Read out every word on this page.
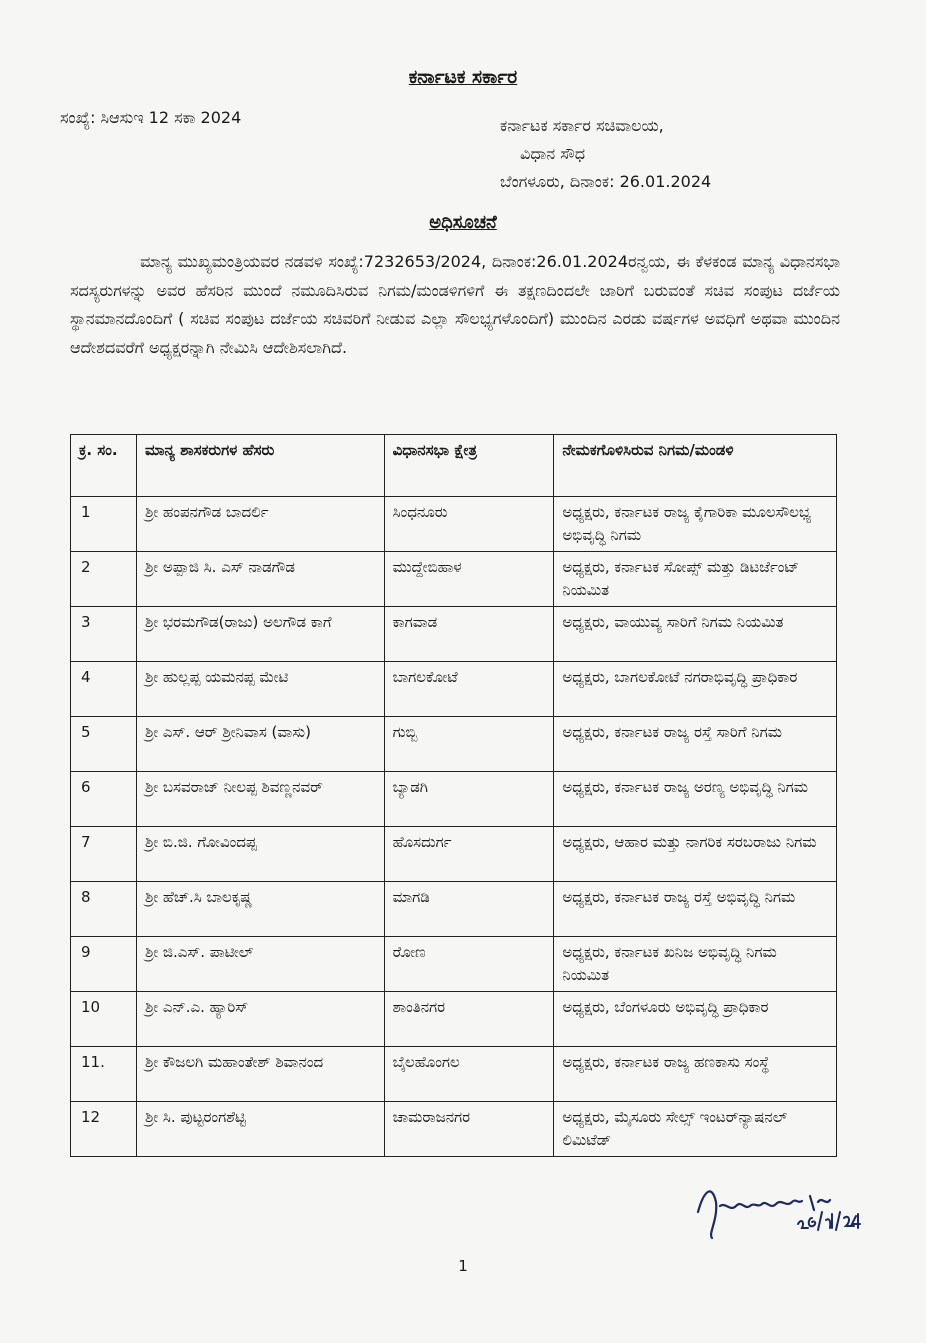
ಕರ್ನಾಟಕ ಸರ್ಕಾರ
ಸಂಖ್ಯೆ: ಸಿಆಸುಇ 12 ಸಕಾ 2024	ಕರ್ನಾಟಕ ಸರ್ಕಾರ ಸಚಿವಾಲಯ,
ವಿಧಾನ ಸೌಧ
ಬೆಂಗಳೂರು, ದಿನಾಂಕ: 26.01.2024
ಅಧಿಸೂಚನೆ
ಮಾನ್ಯ ಮುಖ್ಯಮಂತ್ರಿಯವರ ನಡವಳಿ ಸಂಖ್ಯೆ:7232653/2024, ದಿನಾಂಕ:26.01.2024ರನ್ವಯ, ಈ ಕೆಳಕಂಡ ಮಾನ್ಯ ವಿಧಾನಸಭಾ ಸದಸ್ಯರುಗಳನ್ನು ಅವರ ಹೆಸರಿನ ಮುಂದೆ ನಮೂದಿಸಿರುವ ನಿಗಮ/ಮಂಡಳಿಗಳಿಗೆ ಈ ತಕ್ಷಣದಿಂದಲೇ ಜಾರಿಗೆ ಬರುವಂತೆ ಸಚಿವ ಸಂಪುಟ ದರ್ಜೆಯ ಸ್ಥಾನಮಾನದೊಂದಿಗೆ ( ಸಚಿವ ಸಂಪುಟ ದರ್ಜೆಯ ಸಚಿವರಿಗೆ ನೀಡುವ ಎಲ್ಲಾ ಸೌಲಭ್ಯಗಳೊಂದಿಗೆ) ಮುಂದಿನ ಎರಡು ವರ್ಷಗಳ ಅವಧಿಗೆ ಅಥವಾ ಮುಂದಿನ ಆದೇಶದವರೆಗೆ ಅಧ್ಯಕ್ಷರನ್ನಾಗಿ ನೇಮಿಸಿ ಆದೇಶಿಸಲಾಗಿದೆ.
ಕ್ರ. ಸಂ.	ಮಾನ್ಯ ಶಾಸಕರುಗಳ ಹೆಸರು	ವಿಧಾನಸಭಾ ಕ್ಷೇತ್ರ	ನೇಮಕಗೊಳಿಸಿರುವ ನಿಗಮ/ಮಂಡಳಿ
1	ಶ್ರೀ ಹಂಪನಗೌಡ ಬಾದರ್ಲಿ	ಸಿಂಧನೂರು	ಅಧ್ಯಕ್ಷರು, ಕರ್ನಾಟಕ ರಾಜ್ಯ ಕೈಗಾರಿಕಾ ಮೂಲಸೌಲಭ್ಯ ಅಭಿವೃದ್ಧಿ ನಿಗಮ
2	ಶ್ರೀ ಅಪ್ಪಾಜಿ ಸಿ. ಎಸ್ ನಾಡಗೌಡ	ಮುದ್ದೇಬಿಹಾಳ	ಅಧ್ಯಕ್ಷರು, ಕರ್ನಾಟಕ ಸೋಪ್ಸ್ ಮತ್ತು ಡಿಟರ್ಜೆಂಟ್ ನಿಯಮಿತ
3	ಶ್ರೀ ಭರಮಗೌಡ(ರಾಜು) ಅಲಗೌಡ ಕಾಗೆ	ಕಾಗವಾಡ	ಅಧ್ಯಕ್ಷರು, ವಾಯುವ್ಯ ಸಾರಿಗೆ ನಿಗಮ ನಿಯಮಿತ
4	ಶ್ರೀ ಹುಲ್ಲಪ್ಪ ಯಮನಪ್ಪ ಮೇಟಿ	ಬಾಗಲಕೋಟೆ	ಅಧ್ಯಕ್ಷರು, ಬಾಗಲಕೋಟೆ ನಗರಾಭಿವೃದ್ಧಿ ಪ್ರಾಧಿಕಾರ
5	ಶ್ರೀ ಎಸ್. ಆರ್ ಶ್ರೀನಿವಾಸ (ವಾಸು)	ಗುಬ್ಬಿ	ಅಧ್ಯಕ್ಷರು, ಕರ್ನಾಟಕ ರಾಜ್ಯ ರಸ್ತೆ ಸಾರಿಗೆ ನಿಗಮ
6	ಶ್ರೀ ಬಸವರಾಜ್ ನೀಲಪ್ಪ ಶಿವಣ್ಣನವರ್	ಬ್ಯಾಡಗಿ	ಅಧ್ಯಕ್ಷರು, ಕರ್ನಾಟಕ ರಾಜ್ಯ ಅರಣ್ಯ ಅಭಿವೃದ್ಧಿ ನಿಗಮ
7	ಶ್ರೀ ಬಿ.ಜಿ. ಗೋವಿಂದಪ್ಪ	ಹೊಸದುರ್ಗ	ಅಧ್ಯಕ್ಷರು, ಆಹಾರ ಮತ್ತು ನಾಗರಿಕ ಸರಬರಾಜು ನಿಗಮ
8	ಶ್ರೀ ಹೆಚ್.ಸಿ ಬಾಲಕೃಷ್ಣ	ಮಾಗಡಿ	ಅಧ್ಯಕ್ಷರು, ಕರ್ನಾಟಕ ರಾಜ್ಯ ರಸ್ತೆ ಅಭಿವೃದ್ಧಿ ನಿಗಮ
9	ಶ್ರೀ ಜಿ.ಎಸ್. ಪಾಟೀಲ್	ರೋಣ	ಅಧ್ಯಕ್ಷರು, ಕರ್ನಾಟಕ ಖನಿಜ ಅಭಿವೃದ್ಧಿ ನಿಗಮ ನಿಯಮಿತ
10	ಶ್ರೀ ಎನ್.ಎ. ಹ್ಯಾರಿಸ್	ಶಾಂತಿನಗರ	ಅಧ್ಯಕ್ಷರು, ಬೆಂಗಳೂರು ಅಭಿವೃದ್ಧಿ ಪ್ರಾಧಿಕಾರ
11.	ಶ್ರೀ ಕೌಜಲಗಿ ಮಹಾಂತೇಶ್ ಶಿವಾನಂದ	ಬೈಲಹೊಂಗಲ	ಅಧ್ಯಕ್ಷರು, ಕರ್ನಾಟಕ ರಾಜ್ಯ ಹಣಕಾಸು ಸಂಸ್ಥೆ
12	ಶ್ರೀ ಸಿ. ಪುಟ್ಟರಂಗಶೆಟ್ಟಿ	ಚಾಮರಾಜನಗರ	ಅಧ್ಯಕ್ಷರು, ಮೈಸೂರು ಸೇಲ್ಸ್ ಇಂಟರ್‌ನ್ಯಾಷನಲ್ ಲಿಮಿಟೆಡ್
1
